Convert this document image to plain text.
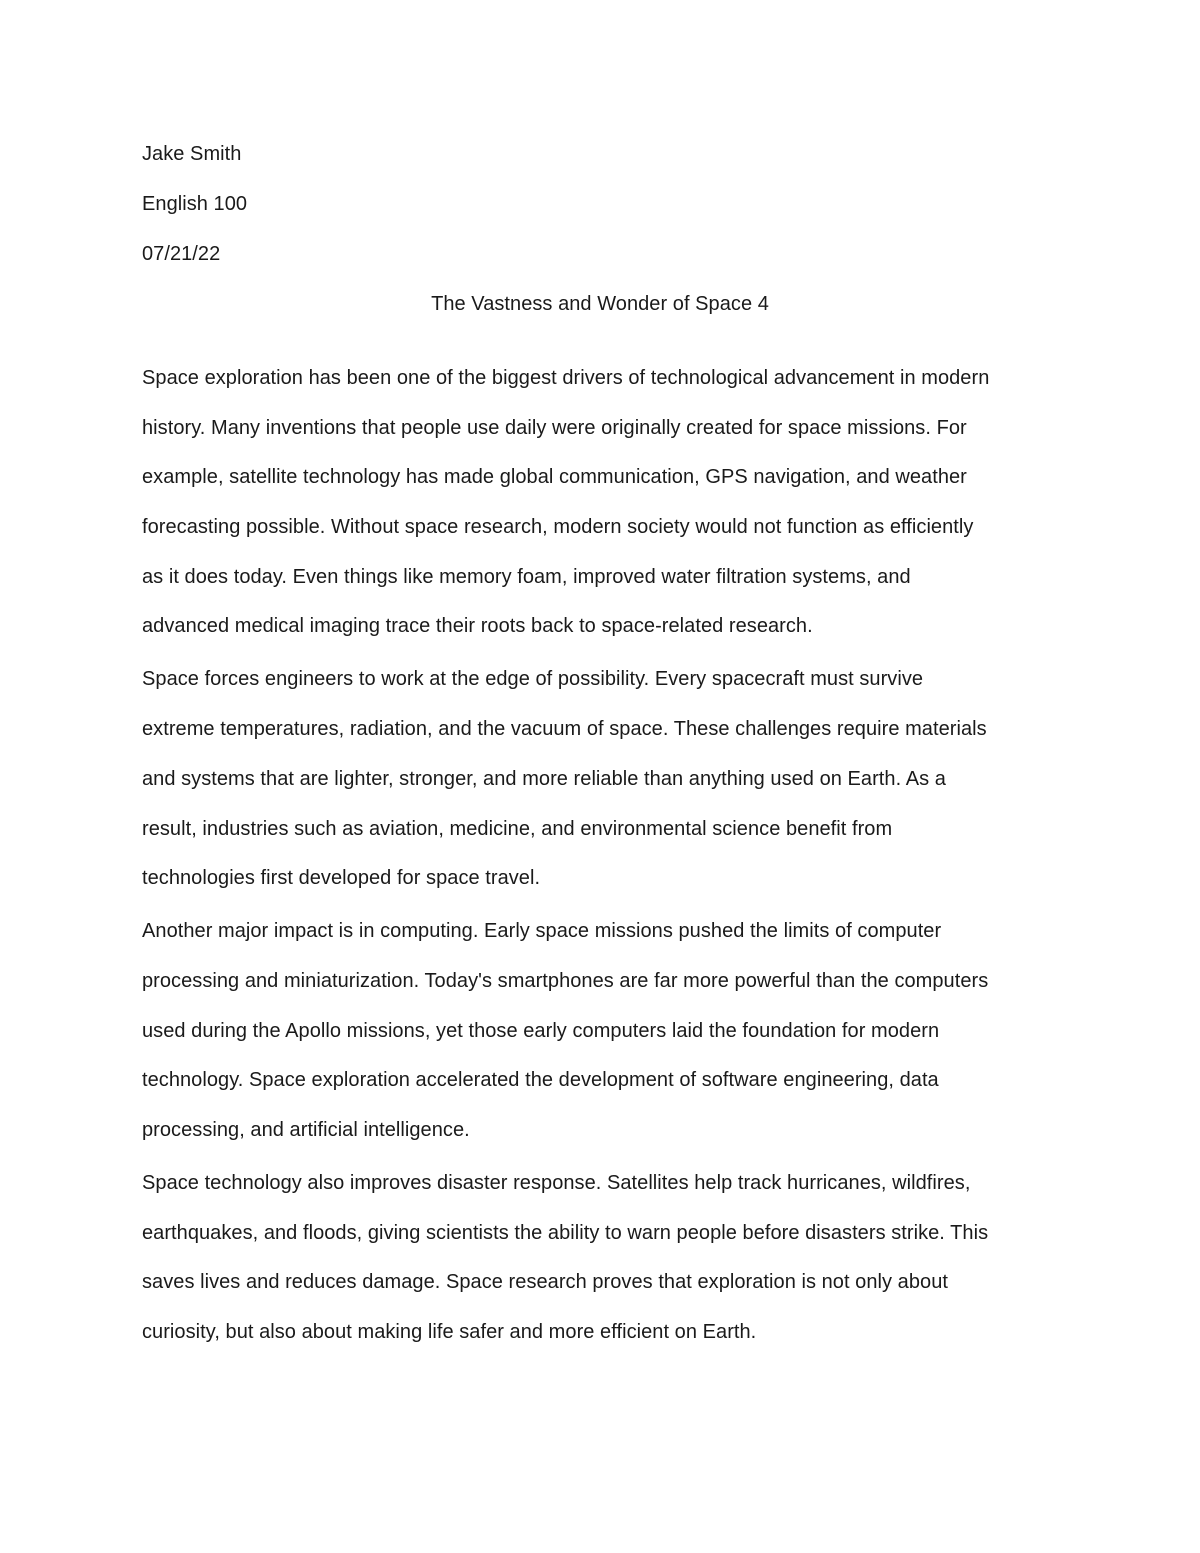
Jake Smith
English 100
07/21/22
The Vastness and Wonder of Space 4
Space exploration has been one of the biggest drivers of technological advancement in modern
history. Many inventions that people use daily were originally created for space missions. For
example, satellite technology has made global communication, GPS navigation, and weather
forecasting possible. Without space research, modern society would not function as efficiently
as it does today. Even things like memory foam, improved water filtration systems, and
advanced medical imaging trace their roots back to space-related research.
Space forces engineers to work at the edge of possibility. Every spacecraft must survive
extreme temperatures, radiation, and the vacuum of space. These challenges require materials
and systems that are lighter, stronger, and more reliable than anything used on Earth. As a
result, industries such as aviation, medicine, and environmental science benefit from
technologies first developed for space travel.
Another major impact is in computing. Early space missions pushed the limits of computer
processing and miniaturization. Today's smartphones are far more powerful than the computers
used during the Apollo missions, yet those early computers laid the foundation for modern
technology. Space exploration accelerated the development of software engineering, data
processing, and artificial intelligence.
Space technology also improves disaster response. Satellites help track hurricanes, wildfires,
earthquakes, and floods, giving scientists the ability to warn people before disasters strike. This
saves lives and reduces damage. Space research proves that exploration is not only about
curiosity, but also about making life safer and more efficient on Earth.
